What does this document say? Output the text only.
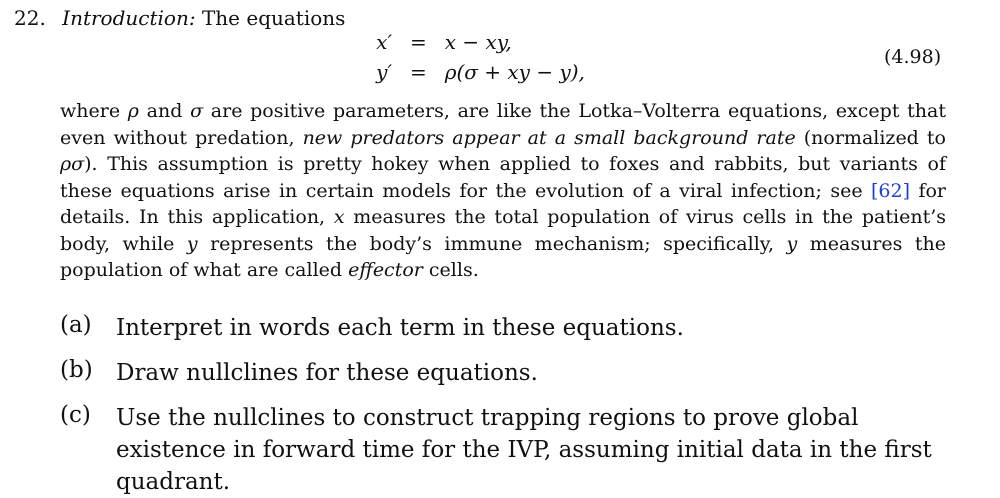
22. Introduction: The equations
x′ = x − xy,
y′ = ρ(σ + xy − y),
(4.98)
where ρ and σ are positive parameters, are like the Lotka–Volterra equations, except that even without predation, new predators appear at a small background rate (normalized to ρσ). This assumption is pretty hokey when applied to foxes and rabbits, but variants of these equations arise in certain models for the evolution of a viral infection; see [62] for details. In this application, x measures the total population of virus cells in the patient’s body, while y represents the body’s immune mechanism; specifically, y measures the population of what are called effector cells.
(a) Interpret in words each term in these equations.
(b) Draw nullclines for these equations.
(c) Use the nullclines to construct trapping regions to prove global existence in forward time for the IVP, assuming initial data in the first quadrant.
